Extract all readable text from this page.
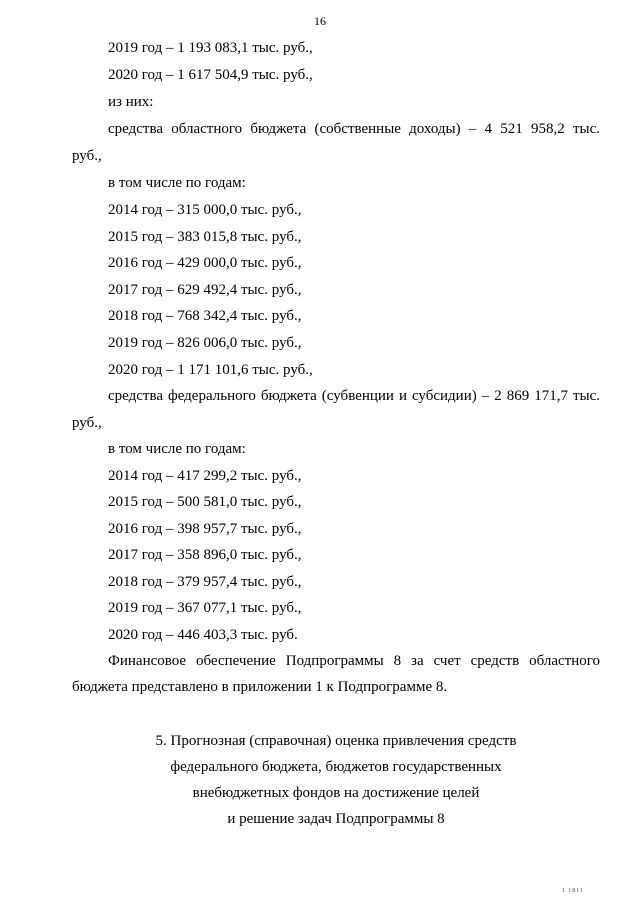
16
2019 год – 1 193 083,1 тыс. руб.,
2020 год – 1 617 504,9 тыс. руб.,
из них:
средства областного бюджета (собственные доходы) – 4 521 958,2 тыс.
руб.,
в том числе по годам:
2014 год – 315 000,0 тыс. руб.,
2015 год – 383 015,8 тыс. руб.,
2016 год – 429 000,0 тыс. руб.,
2017 год – 629 492,4 тыс. руб.,
2018 год – 768 342,4 тыс. руб.,
2019 год – 826 006,0 тыс. руб.,
2020 год – 1 171 101,6 тыс. руб.,
средства федерального бюджета (субвенции и субсидии) – 2 869 171,7 тыс.
руб.,
в том числе по годам:
2014 год – 417 299,2 тыс. руб.,
2015 год – 500 581,0 тыс. руб.,
2016 год – 398 957,7 тыс. руб.,
2017 год – 358 896,0 тыс. руб.,
2018 год – 379 957,4 тыс. руб.,
2019 год – 367 077,1 тыс. руб.,
2020 год – 446 403,3 тыс. руб.
Финансовое обеспечение Подпрограммы 8 за счет средств областного
бюджета представлено в приложении 1 к Подпрограмме 8.
5. Прогнозная (справочная) оценка привлечения средств
федерального бюджета, бюджетов государственных
внебюджетных фондов на достижение целей
и решение задач Подпрограммы 8
1 1811
